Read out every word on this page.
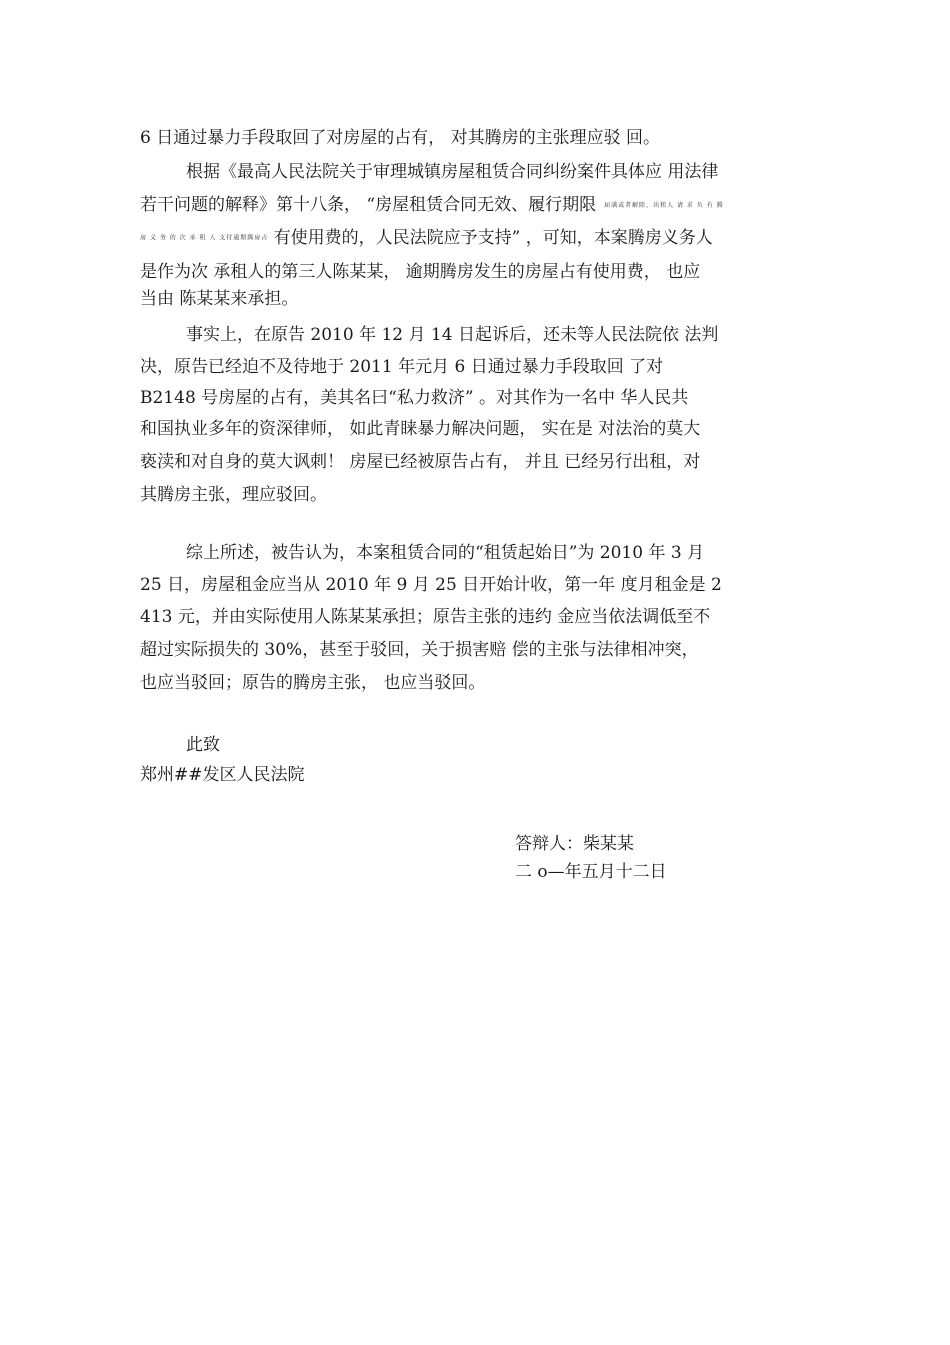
6 日通过暴力手段取回了对房屋的占有， 对其腾房的主张理应驳 回。
根据《最高人民法院关于审理城镇房屋租赁合同纠纷案件具体应 用法律
若干问题的解释》第十八条， “房屋租赁合同无效、履行期限 届满或者解除，出租人 请 求 负 有 腾
房 义 务 的 次 承 租 人 支付逾期腾房占 有使用费的，人民法院应予支持” ，可知，本案腾房义务人
是作为次 承租人的第三人陈某某， 逾期腾房发生的房屋占有使用费， 也应
当由 陈某某来承担。
事实上，在原告 2010 年 12 月 14 日起诉后，还未等人民法院依 法判
决，原告已经迫不及待地于 2011 年元月 6 日通过暴力手段取回 了对
B2148 号房屋的占有，美其名曰“私力救济” 。对其作为一名中 华人民共
和国执业多年的资深律师， 如此青睐暴力解决问题， 实在是 对法治的莫大
亵渎和对自身的莫大讽刺！ 房屋已经被原告占有， 并且 已经另行出租，对
其腾房主张，理应驳回。
综上所述，被告认为，本案租赁合同的“租赁起始日”为 2010 年 3 月
25 日，房屋租金应当从 2010 年 9 月 25 日开始计收，第一年 度月租金是 2
413 元，并由实际使用人陈某某承担；原告主张的违约 金应当依法调低至不
超过实际损失的 30%，甚至于驳回，关于损害赔 偿的主张与法律相冲突，
也应当驳回；原告的腾房主张， 也应当驳回。
此致
郑州##发区人民法院
答辩人：柴某某
二 o—年五月十二日
